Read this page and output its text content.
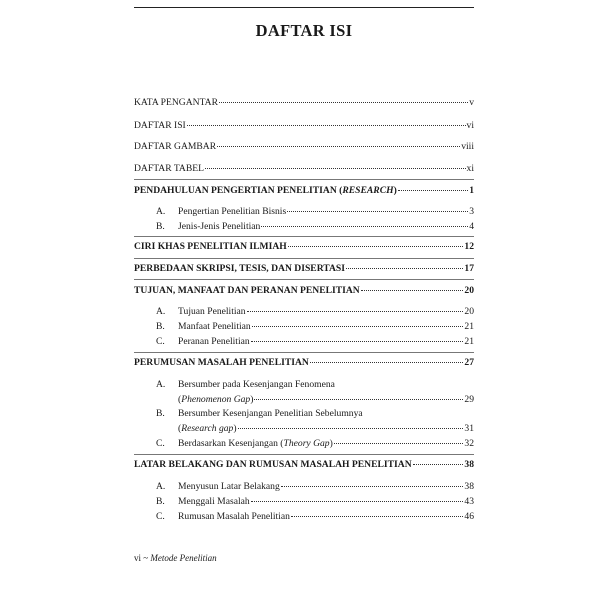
DAFTAR ISI
KATA PENGANTAR	v
DAFTAR ISI	vi
DAFTAR GAMBAR	viii
DAFTAR TABEL	xi
PENDAHULUAN PENGERTIAN PENELITIAN (RESEARCH)	1
A.	Pengertian Penelitian Bisnis	3
B.	Jenis-Jenis Penelitian	4
CIRI KHAS PENELITIAN ILMIAH	12
PERBEDAAN SKRIPSI, TESIS, DAN DISERTASI	17
TUJUAN, MANFAAT DAN PERANAN PENELITIAN	20
A.	Tujuan Penelitian	20
B.	Manfaat Penelitian	21
C.	Peranan Penelitian	21
PERUMUSAN MASALAH PENELITIAN	27
A.	Bersumber pada Kesenjangan Fenomena
(Phenomenon Gap)	29
B.	Bersumber Kesenjangan Penelitian Sebelumnya
(Research gap)	31
C.	Berdasarkan Kesenjangan (Theory Gap)	32
LATAR BELAKANG DAN RUMUSAN MASALAH PENELITIAN	38
A.	Menyusun Latar Belakang	38
B.	Menggali Masalah	43
C.	Rumusan Masalah Penelitian	46
vi ~ Metode Penelitian
